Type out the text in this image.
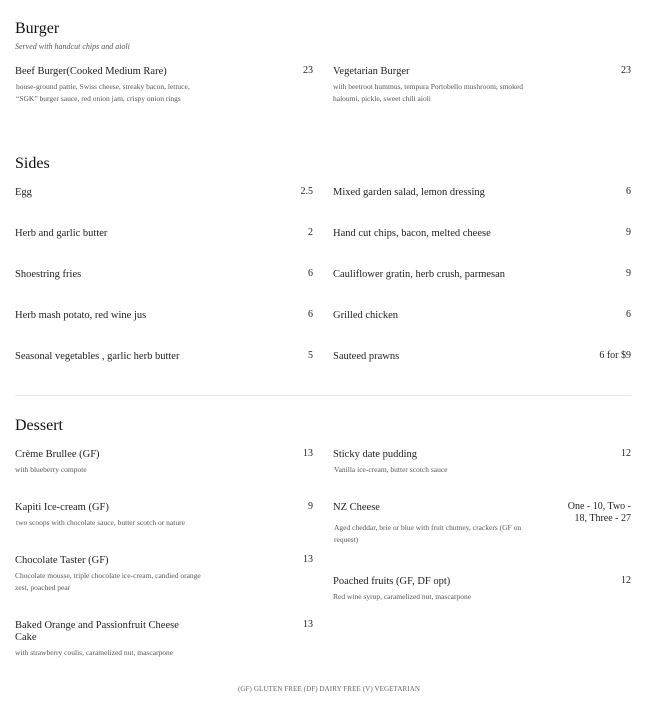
Burger
Served with handcut chips and aioli
Beef Burger(Cooked Medium Rare)
house-ground pattie, Swiss cheese, streaky bacon, lettuce,
“SGK” burger sauce, red onion jam, crispy onion rings
23 Vegetarian Burger
with beetroot hummus, tempura Portobello mushroom, smoked
haloumi, pickle, sweet chili aioli
23
Sides
Egg	2.5 Mixed garden salad, lemon dressing	6
Herb and garlic butter	2 Hand cut chips, bacon, melted cheese	9
Shoestring fries	6 Cauliflower gratin, herb crush, parmesan	9
Herb mash potato, red wine jus	6 Grilled chicken	6
Seasonal vegetables , garlic herb butter	5 Sauteed prawns	6 for $9
Dessert
Crème Brullee (GF)
with blueberry compote
13 Sticky date pudding
Vanilla ice-cream, butter scotch sauce
12
Kapiti Ice-cream (GF)
two scoops with chocolate sauce, butter scotch or nature
9 NZ Cheese
Aged cheddar, brie or blue with fruit chutney, crackers (GF on
request)
One - 10, Two -
18, Three - 27
Chocolate Taster (GF)
Chocolate mousse, triple chocolate ice-cream, candied orange
zest, poached pear
13
Poached fruits (GF, DF opt)
Red wine syrup, caramelized nut, mascarpone
12
Baked Orange and Passionfruit Cheese
Cake
with strawberry coulis, caramelized nut, mascarpone
13
(GF) GLUTEN FREE (DF) DAIRY FREE (V) VEGETARIAN
